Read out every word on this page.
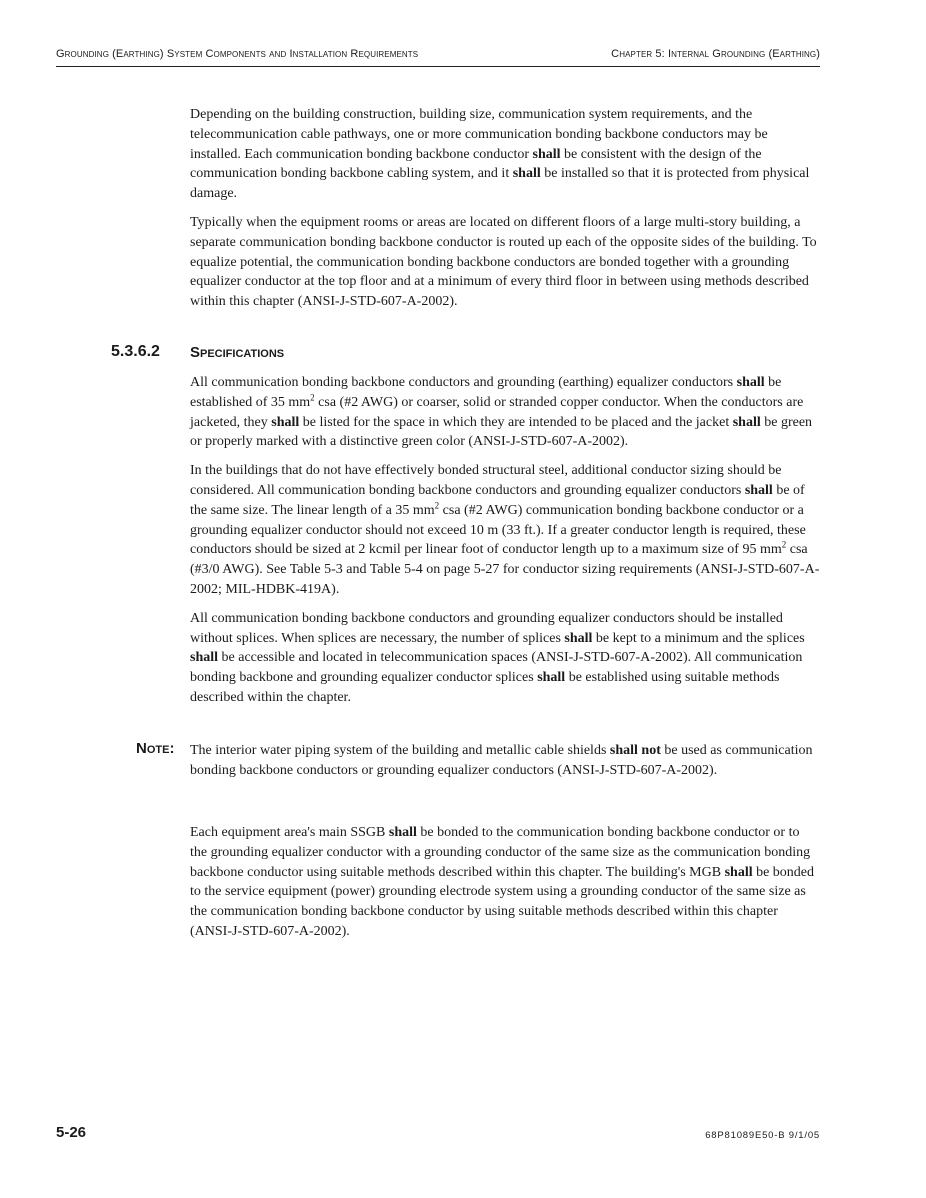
Grounding (Earthing) System Components and Installation Requirements	Chapter 5: Internal Grounding (Earthing)

Depending on the building construction, building size, communication system requirements, and the telecommunication cable pathways, one or more communication bonding backbone conductors may be installed. Each communication bonding backbone conductor shall be consistent with the design of the communication bonding backbone cabling system, and it shall be installed so that it is protected from physical damage.

Typically when the equipment rooms or areas are located on different floors of a large multi-story building, a separate communication bonding backbone conductor is routed up each of the opposite sides of the building. To equalize potential, the communication bonding backbone conductors are bonded together with a grounding equalizer conductor at the top floor and at a minimum of every third floor in between using methods described within this chapter (ANSI-J-STD-607-A-2002).

5.3.6.2 Specifications

All communication bonding backbone conductors and grounding (earthing) equalizer conductors shall be established of 35 $mm^2$ csa (#2 AWG) or coarser, solid or stranded copper conductor. When the conductors are jacketed, they shall be listed for the space in which they are intended to be placed and the jacket shall be green or properly marked with a distinctive green color (ANSI-J-STD-607-A-2002).

In the buildings that do not have effectively bonded structural steel, additional conductor sizing should be considered. All communication bonding backbone conductors and grounding equalizer conductors shall be of the same size. The linear length of a 35 $mm^2$ csa (#2 AWG) communication bonding backbone conductor or a grounding equalizer conductor should not exceed 10 m (33 ft.). If a greater conductor length is required, these conductors should be sized at 2 kcmil per linear foot of conductor length up to a maximum size of 95 $mm^2$ csa (#3/0 AWG). See Table 5-3 and Table 5-4 on page 5-27 for conductor sizing requirements (ANSI-J-STD-607-A-2002; MIL-HDBK-419A).

All communication bonding backbone conductors and grounding equalizer conductors should be installed without splices. When splices are necessary, the number of splices shall be kept to a minimum and the splices shall be accessible and located in telecommunication spaces (ANSI-J-STD-607-A-2002). All communication bonding backbone and grounding equalizer conductor splices shall be established using suitable methods described within the chapter.

Note: The interior water piping system of the building and metallic cable shields shall not be used as communication bonding backbone conductors or grounding equalizer conductors (ANSI-J-STD-607-A-2002).

Each equipment area's main SSGB shall be bonded to the communication bonding backbone conductor or to the grounding equalizer conductor with a grounding conductor of the same size as the communication bonding backbone conductor using suitable methods described within this chapter. The building's MGB shall be bonded to the service equipment (power) grounding electrode system using a grounding conductor of the same size as the communication bonding backbone conductor by using suitable methods described within this chapter (ANSI-J-STD-607-A-2002).

5-26	68P81089E50-B 9/1/05
